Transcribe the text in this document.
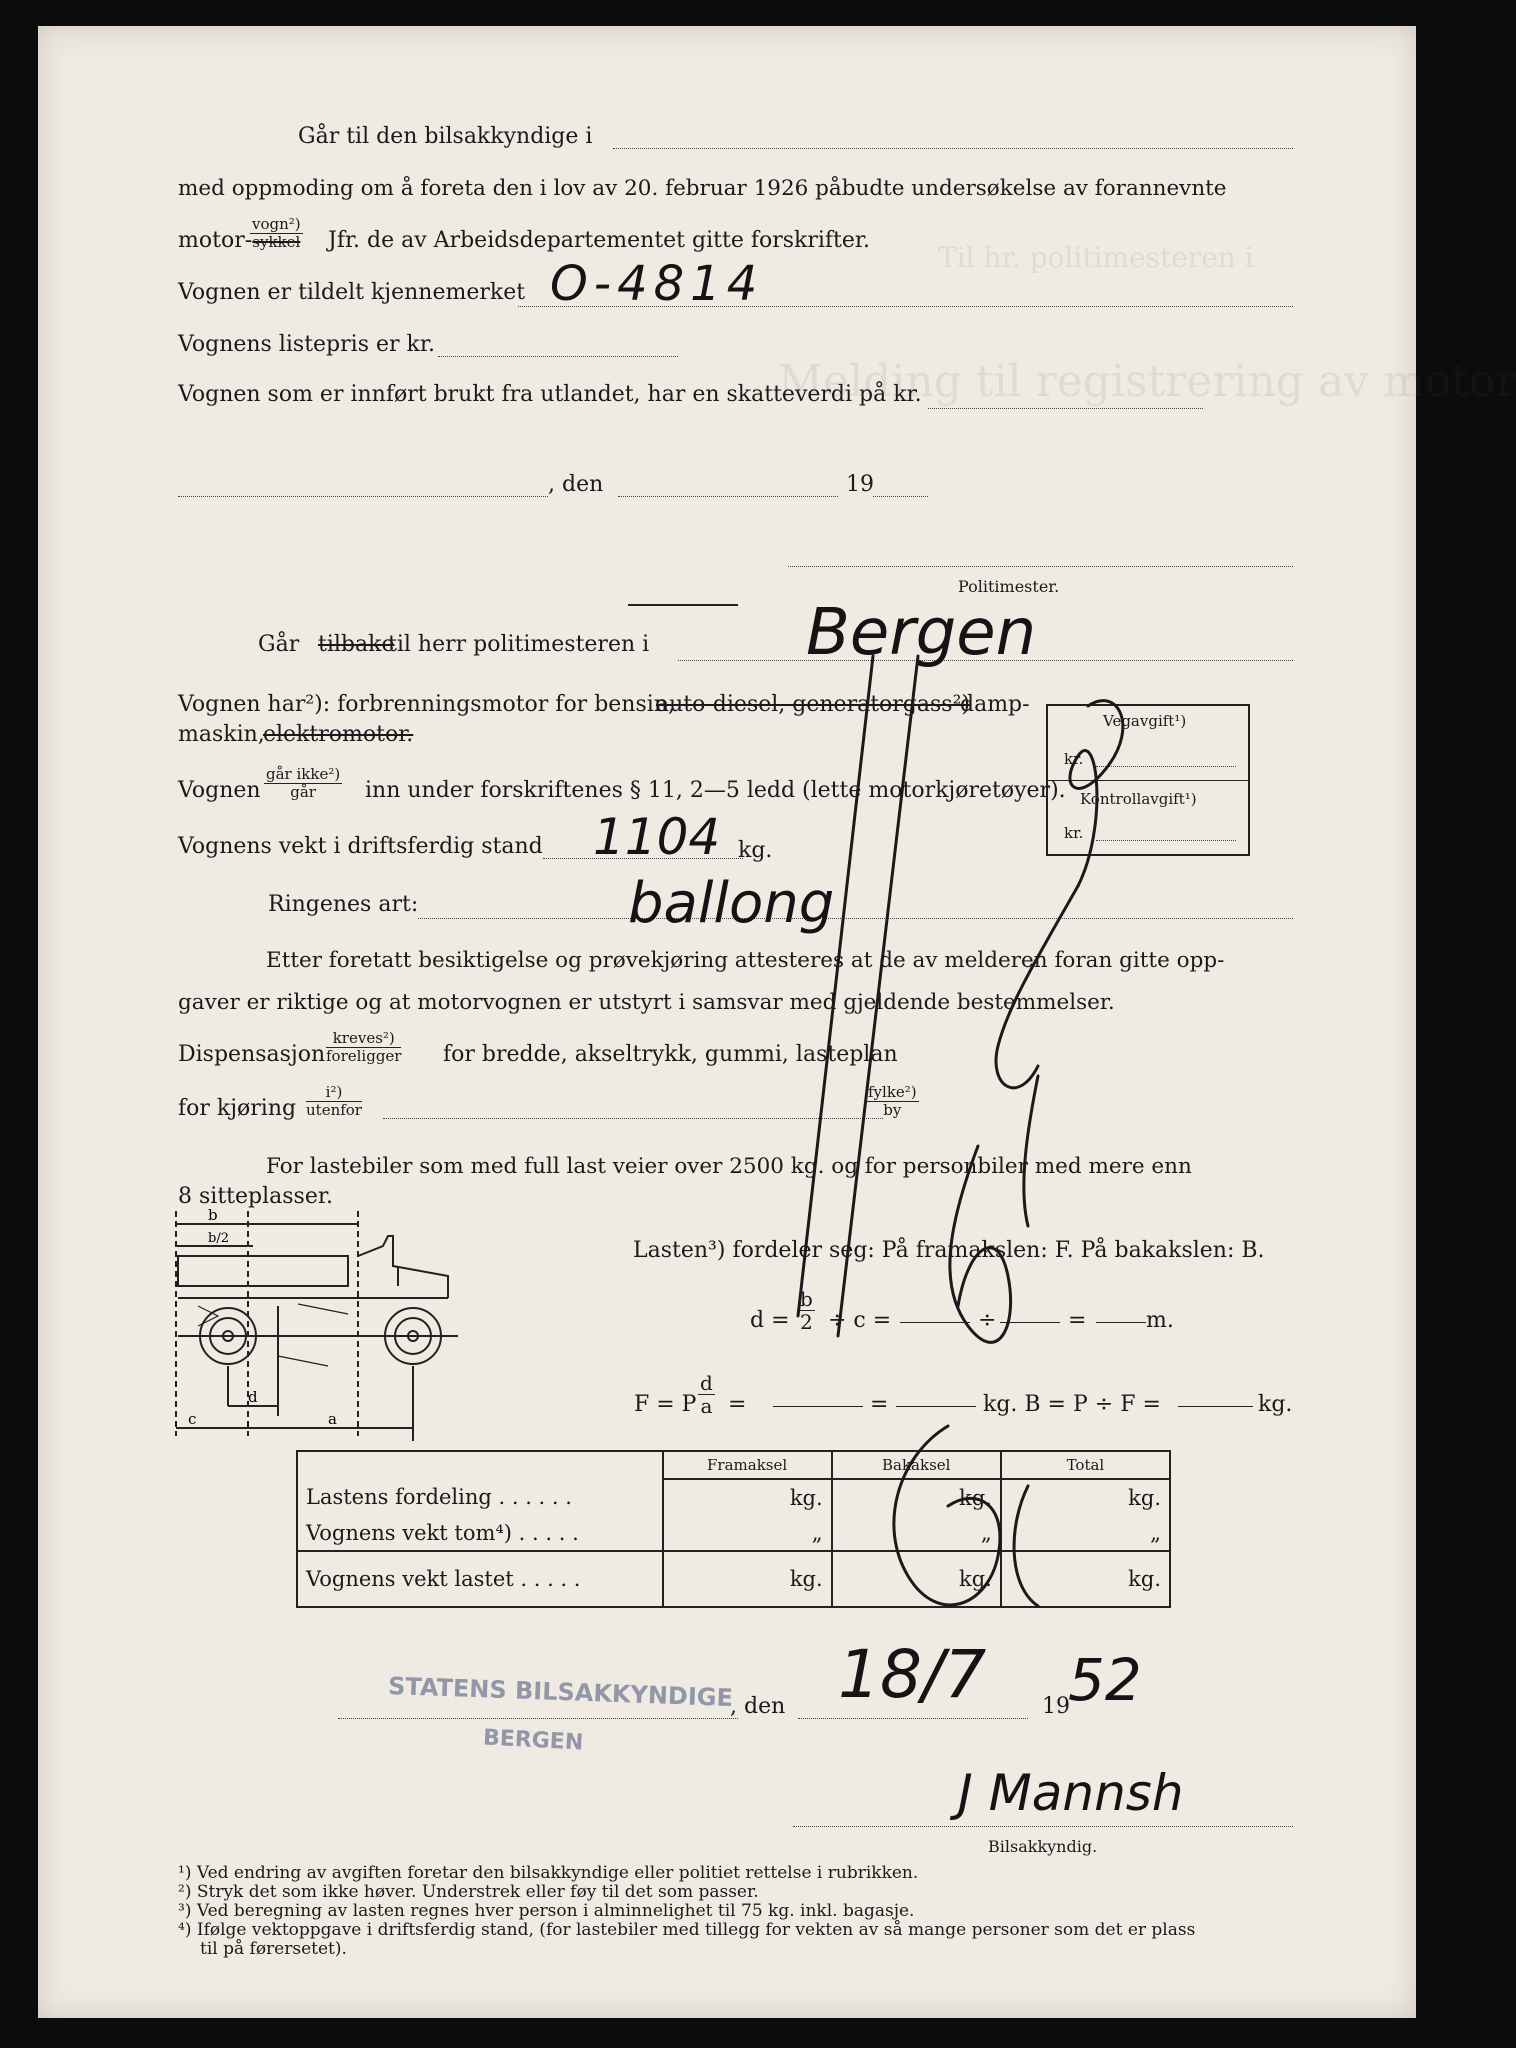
Melding til registrering av motor
Til hr. politimesteren i
Går til den bilsakkyndige i
med oppmoding om å foreta den i lov av 20. februar 1926 påbudte undersøkelse av forannevnte
motor-
vogn²)
sykkel Jfr. de av Arbeidsdepartementet gitte forskrifter.
Vognen er tildelt kjennemerket O-4814
Vognens listepris er kr.
Vognen som er innført brukt fra utlandet, har en skatteverdi på kr.
, den	19
Politimester.
Går tilbake
til herr politimesteren i Bergen
Vognen har²): forbrenningsmotor for bensin,
auto-diesel, generatorgass²)
damp-
maskin,
elektromotor.
Vegavgift¹)
kr.
Kontrollavgift¹)
kr.
Vognen
går ikke²)
går	inn under forskriftenes § 11, 2—5 ledd (lette motorkjøretøyer).
Vognens vekt i driftsferdig stand 1104 kg.
Ringenes art:	ballong
Etter foretatt besiktigelse og prøvekjøring attesteres at de av melderen foran gitte opp-
gaver er riktige og at motorvognen er utstyrt i samsvar med gjeldende bestemmelser.
Dispensasjon
kreves²)
foreligger for bredde, akseltrykk, gummi, lasteplan
for kjøring
i²)
utenfor
fylke²)
by
For lastebiler som med full last veier over 2500 kg. og for personbiler med mere enn
8 sitteplasser.
b
b/2
d
c	a
Lasten³) fordeler seg: På framakslen: F. På bakakslen: B.
$d = \frac{b}{2} \div c$ =	÷	=	m.
F = P $\frac{d}{a}$ =	=	kg. B = P ÷ F =	kg.
	Framaksel	Bakaksel	Total
Lastens fordeling . . . . . .	kg.	kg.	kg.
Vognens vekt tom⁴) . . . . .	„	„	„
Vognens vekt lastet . . . . .	kg.	kg.	kg.
STATENS BILSAKKYNDIGE
BERGEN
, den 18/7	19
52
J Mannsh
Bilsakkyndig.
¹) Ved endring av avgiften foretar den bilsakkyndige eller politiet rettelse i rubrikken.
²) Stryk det som ikke høver. Understrek eller føy til det som passer.
³) Ved beregning av lasten regnes hver person i alminnelighet til 75 kg. inkl. bagasje.
⁴) Ifølge vektoppgave i driftsferdig stand, (for lastebiler med tillegg for vekten av så mange personer som det er plass
til på førersetet).
